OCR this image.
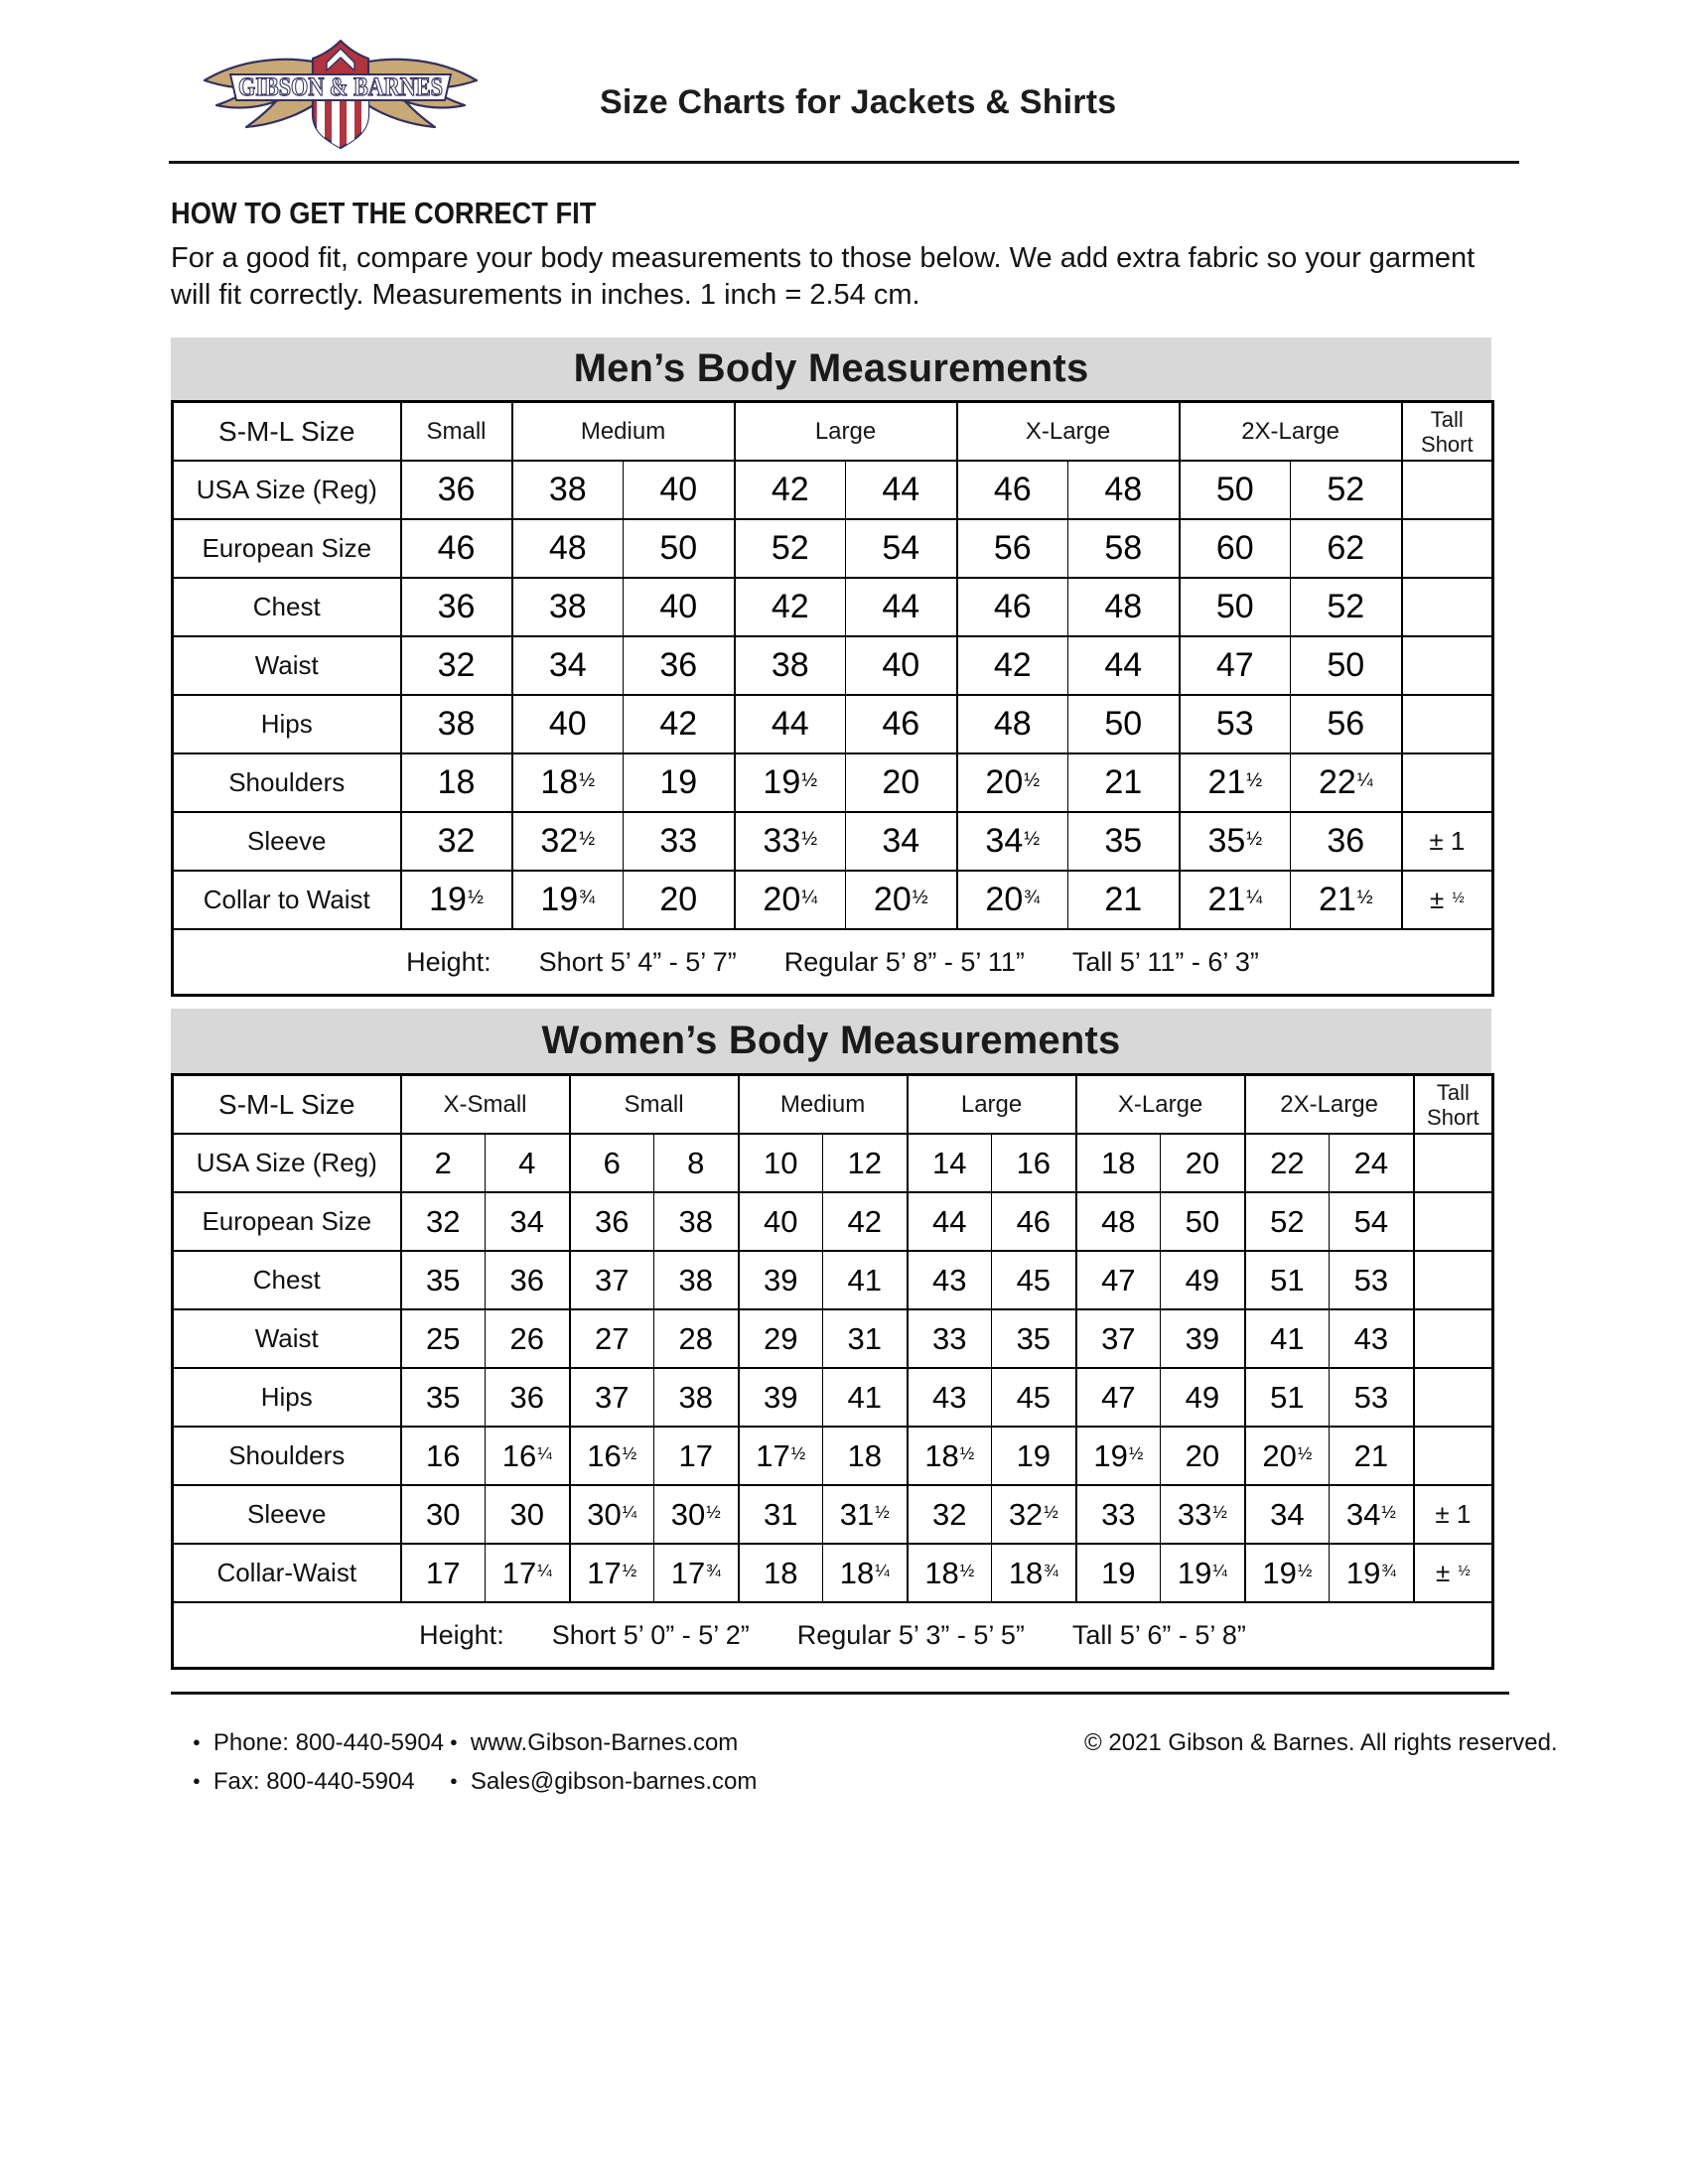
GIBSON & BARNES	Size Charts for Jackets & Shirts
HOW TO GET THE CORRECT FIT
For a good fit, compare your body measurements to those below. We add extra fabric so your garment
will fit correctly. Measurements in inches. 1 inch = 2.54 cm.
Men’s Body Measurements
S-M-L Size	Small	Medium		Large		X-Large		2X-Large		Tall
Short
USA Size (Reg)	36	38	40	42	44	46	48	50	52	
European Size	46	48	50	52	54	56	58	60	62	
Chest	36	38	40	42	44	46	48	50	52	
Waist	32	34	36	38	40	42	44	47	50	
Hips	38	40	42	44	46	48	50	53	56	
Shoulders	18	$18^{\frac{1}{2}}$	19	$19^{\frac{1}{2}}$	20	$20^{\frac{1}{2}}$	21	$21^{\frac{1}{2}}$	$22^{\frac{1}{4}}$	
Sleeve	32	$32^{\frac{1}{2}}$	33	$33^{\frac{1}{2}}$	34	$34^{\frac{1}{2}}$	35	$35^{\frac{1}{2}}$	36	± 1
Collar to Waist	$19^{\frac{1}{2}}$	$19^{\frac{3}{4}}$	20	$20^{\frac{1}{4}}$	$20^{\frac{1}{2}}$	$20^{\frac{3}{4}}$	21	$21^{\frac{1}{4}}$	$21^{\frac{1}{2}}$	± $^{\frac{1}{2}}$

Height: Short 5’ 4” - 5’ 7” Regular 5’ 8” - 5’ 11” Tall 5’ 11” - 6’ 3”										
Women’s Body Measurements
S-M-L Size	X-Small		Small		Medium		Large		X-Large		2X-Large		Tall
Short
USA Size (Reg)	2	4	6	8	10	12	14	16	18	20	22	24	
European Size	32	34	36	38	40	42	44	46	48	50	52	54	
Chest	35	36	37	38	39	41	43	45	47	49	51	53	
Waist	25	26	27	28	29	31	33	35	37	39	41	43	
Hips	35	36	37	38	39	41	43	45	47	49	51	53	
Shoulders	16	$16^{\frac{1}{4}}$	$16^{\frac{1}{2}}$	17	$17^{\frac{1}{2}}$	18	$18^{\frac{1}{2}}$	19	$19^{\frac{1}{2}}$	20	$20^{\frac{1}{2}}$	21	
Sleeve	30	30	$30^{\frac{1}{4}}$	$30^{\frac{1}{2}}$	31	$31^{\frac{1}{2}}$	32	$32^{\frac{1}{2}}$	33	$33^{\frac{1}{2}}$	34	$34^{\frac{1}{2}}$	± 1
Collar-Waist	17	$17^{\frac{1}{4}}$	$17^{\frac{1}{2}}$	$17^{\frac{3}{4}}$	18	$18^{\frac{1}{4}}$	$18^{\frac{1}{2}}$	$18^{\frac{3}{4}}$	19	$19^{\frac{1}{4}}$	$19^{\frac{1}{2}}$	$19^{\frac{3}{4}}$	± $^{\frac{1}{2}}$

Height: Short 5’ 0” - 5’ 2” Regular 5’ 3” - 5’ 5” Tall 5’ 6” - 5’ 8”													
● Phone: 800-440-5904
● Fax: 800-440-5904
● www.Gibson-Barnes.com
● Sales@gibson-barnes.com
© 2021 Gibson & Barnes. All rights reserved.
